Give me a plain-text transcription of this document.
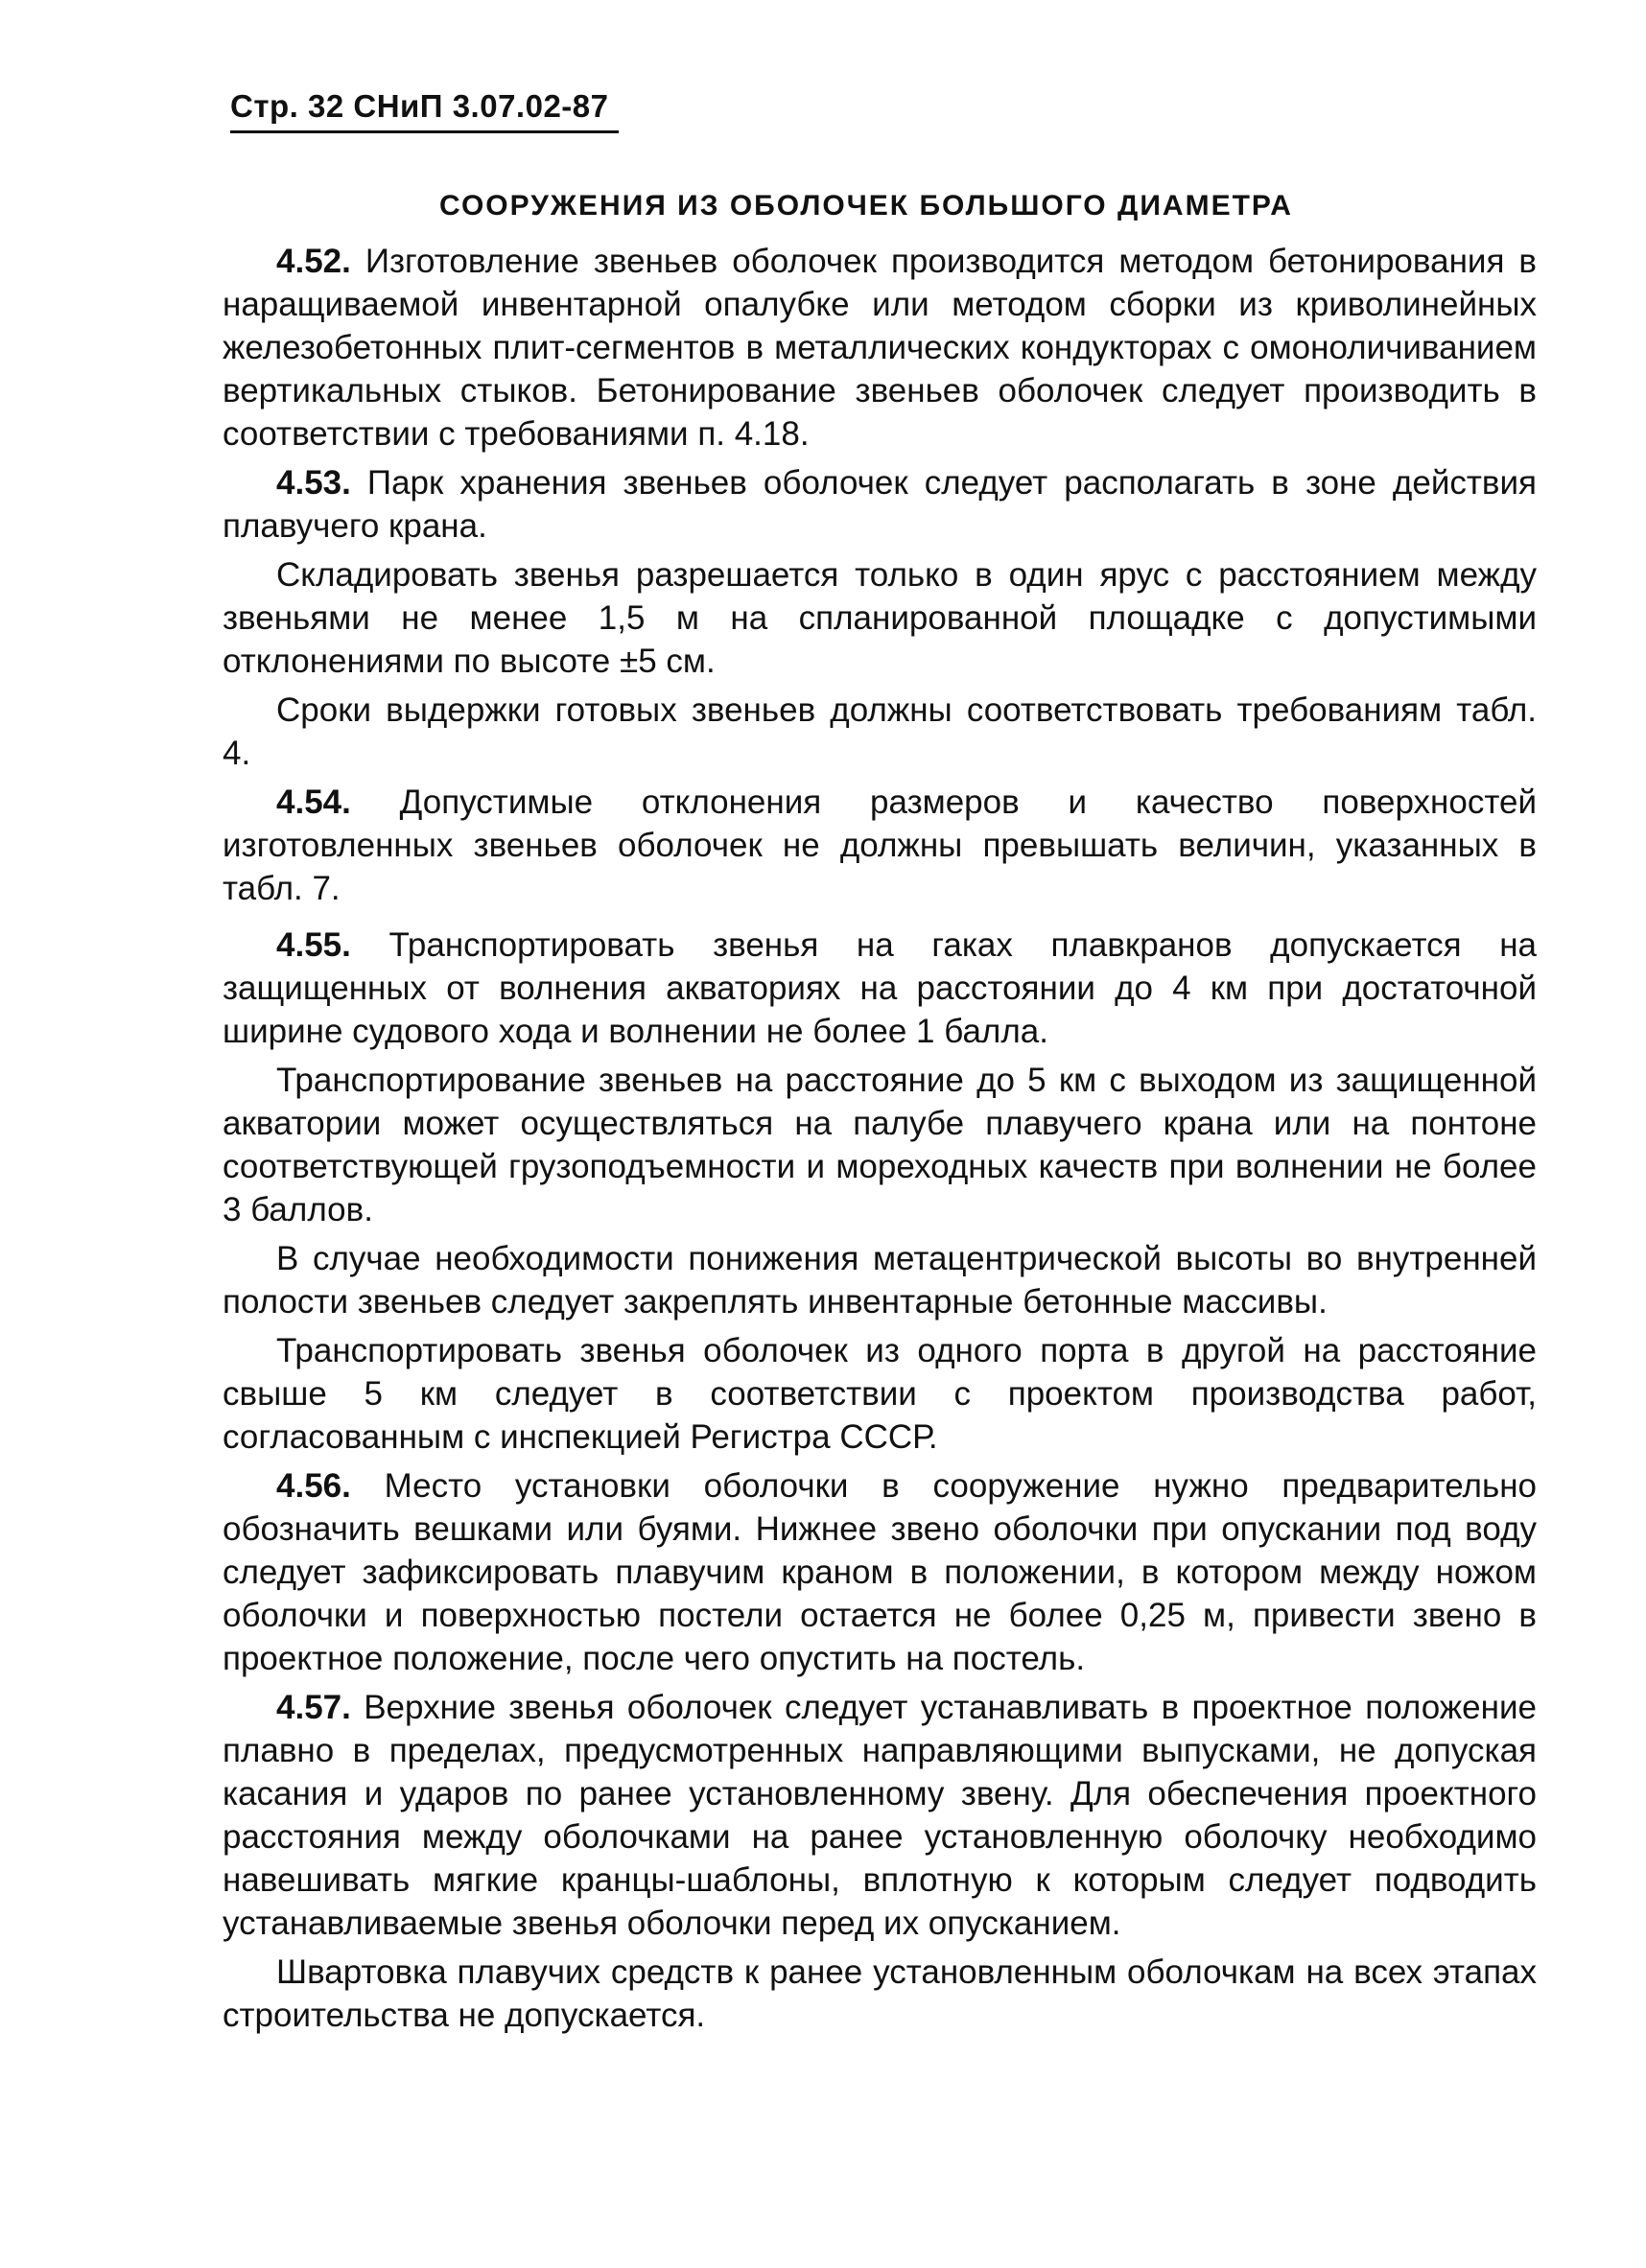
Стр. 32 СНиП 3.07.02-87
СООРУЖЕНИЯ ИЗ ОБОЛОЧЕК БОЛЬШОГО ДИАМЕТРА

4.52. Изготовление звеньев оболочек производится методом бетонирования в наращиваемой инвентарной опалубке или методом сборки из криволинейных железобетонных плит-сегментов в металлических кондукторах с омоноличиванием вертикальных стыков. Бетонирование звеньев оболочек следует производить в соответствии с требованиями п. 4.18.

4.53. Парк хранения звеньев оболочек следует располагать в зоне действия плавучего крана.

Складировать звенья разрешается только в один ярус с расстоянием между звеньями не менее 1,5 м на спланированной площадке с допустимыми отклонениями по высоте ±5 см.

Сроки выдержки готовых звеньев должны соответствовать требованиям табл. 4.

4.54. Допустимые отклонения размеров и качество поверхностей изготовленных звеньев оболочек не должны превышать величин, указанных в табл. 7.

4.55. Транспортировать звенья на гаках плавкранов допускается на защищенных от волнения акваториях на расстоянии до 4 км при достаточной ширине судового хода и волнении не более 1 балла.

Транспортирование звеньев на расстояние до 5 км с выходом из защищенной акватории может осуществляться на палубе плавучего крана или на понтоне соответствующей грузоподъемности и мореходных качеств при волнении не более 3 баллов.

В случае необходимости понижения метацентрической высоты во внутренней полости звеньев следует закреплять инвентарные бетонные массивы.

Транспортировать звенья оболочек из одного порта в другой на расстояние свыше 5 км следует в соответствии с проектом производства работ, согласованным с инспекцией Регистра СССР.

4.56. Место установки оболочки в сооружение нужно предварительно обозначить вешками или буями. Нижнее звено оболочки при опускании под воду следует зафиксировать плавучим краном в положении, в котором между ножом оболочки и поверхностью постели остается не более 0,25 м, привести звено в проектное положение, после чего опустить на постель.

4.57. Верхние звенья оболочек следует устанавливать в проектное положение плавно в пределах, предусмотренных направляющими выпусками, не допуская касания и ударов по ранее установленному звену. Для обеспечения проектного расстояния между оболочками на ранее установленную оболочку необходимо навешивать мягкие кранцы-шаблоны, вплотную к которым следует подводить устанавливаемые звенья оболочки перед их опусканием.

Швартовка плавучих средств к ранее установленным оболочкам на всех этапах строительства не допускается.
